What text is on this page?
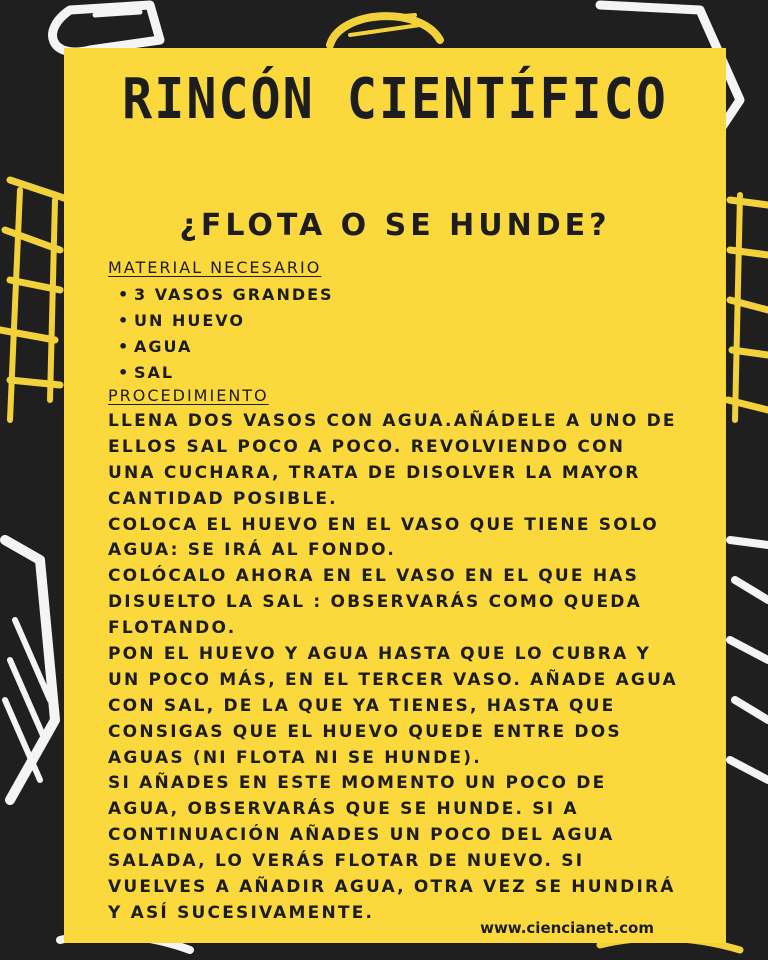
RINCÓN CIENTÍFICO
¿FLOTA O SE HUNDE?
MATERIAL NECESARIO
• 3 VASOS GRANDES
• UN HUEVO
• AGUA
• SAL
PROCEDIMIENTO
LLENA DOS VASOS CON AGUA.AÑÁDELE A UNO DE
ELLOS SAL POCO A POCO. REVOLVIENDO CON
UNA CUCHARA, TRATA DE DISOLVER LA MAYOR
CANTIDAD POSIBLE.
COLOCA EL HUEVO EN EL VASO QUE TIENE SOLO
AGUA: SE IRÁ AL FONDO.
COLÓCALO AHORA EN EL VASO EN EL QUE HAS
DISUELTO LA SAL : OBSERVARÁS COMO QUEDA
FLOTANDO.
PON EL HUEVO Y AGUA HASTA QUE LO CUBRA Y
UN POCO MÁS, EN EL TERCER VASO. AÑADE AGUA
CON SAL, DE LA QUE YA TIENES, HASTA QUE
CONSIGAS QUE EL HUEVO QUEDE ENTRE DOS
AGUAS (NI FLOTA NI SE HUNDE).
SI AÑADES EN ESTE MOMENTO UN POCO DE
AGUA, OBSERVARÁS QUE SE HUNDE. SI A
CONTINUACIÓN AÑADES UN POCO DEL AGUA
SALADA, LO VERÁS FLOTAR DE NUEVO. SI
VUELVES A AÑADIR AGUA, OTRA VEZ SE HUNDIRÁ
Y ASÍ SUCESIVAMENTE.
www.ciencianet.com
